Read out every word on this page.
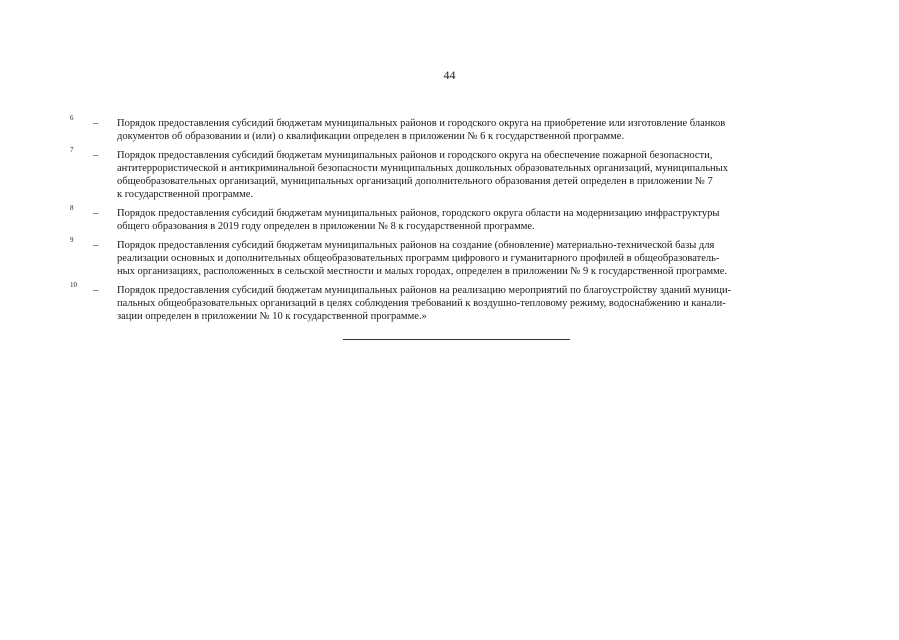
44
6 – Порядок предоставления субсидий бюджетам муниципальных районов и городского округа на приобретение или изготовление бланков
документов об образовании и (или) о квалификации определен в приложении № 6 к государственной программе.
7 – Порядок предоставления субсидий бюджетам муниципальных районов и городского округа на обеспечение пожарной безопасности,
антитеррористической и антикриминальной безопасности муниципальных дошкольных образовательных организаций, муниципальных
общеобразовательных организаций, муниципальных организаций дополнительного образования детей определен в приложении № 7
к государственной программе.
8 – Порядок предоставления субсидий бюджетам муниципальных районов, городского округа области на модернизацию инфраструктуры
общего образования в 2019 году определен в приложении № 8 к государственной программе.
9 – Порядок предоставления субсидий бюджетам муниципальных районов на создание (обновление) материально-технической базы для
реализации основных и дополнительных общеобразовательных программ цифрового и гуманитарного профилей в общеобразователь-
ных организациях, расположенных в сельской местности и малых городах, определен в приложении № 9 к государственной программе.
10 – Порядок предоставления субсидий бюджетам муниципальных районов на реализацию мероприятий по благоустройству зданий муници-
пальных общеобразовательных организаций в целях соблюдения требований к воздушно-тепловому режиму, водоснабжению и канали-
зации определен в приложении № 10 к государственной программе.»
